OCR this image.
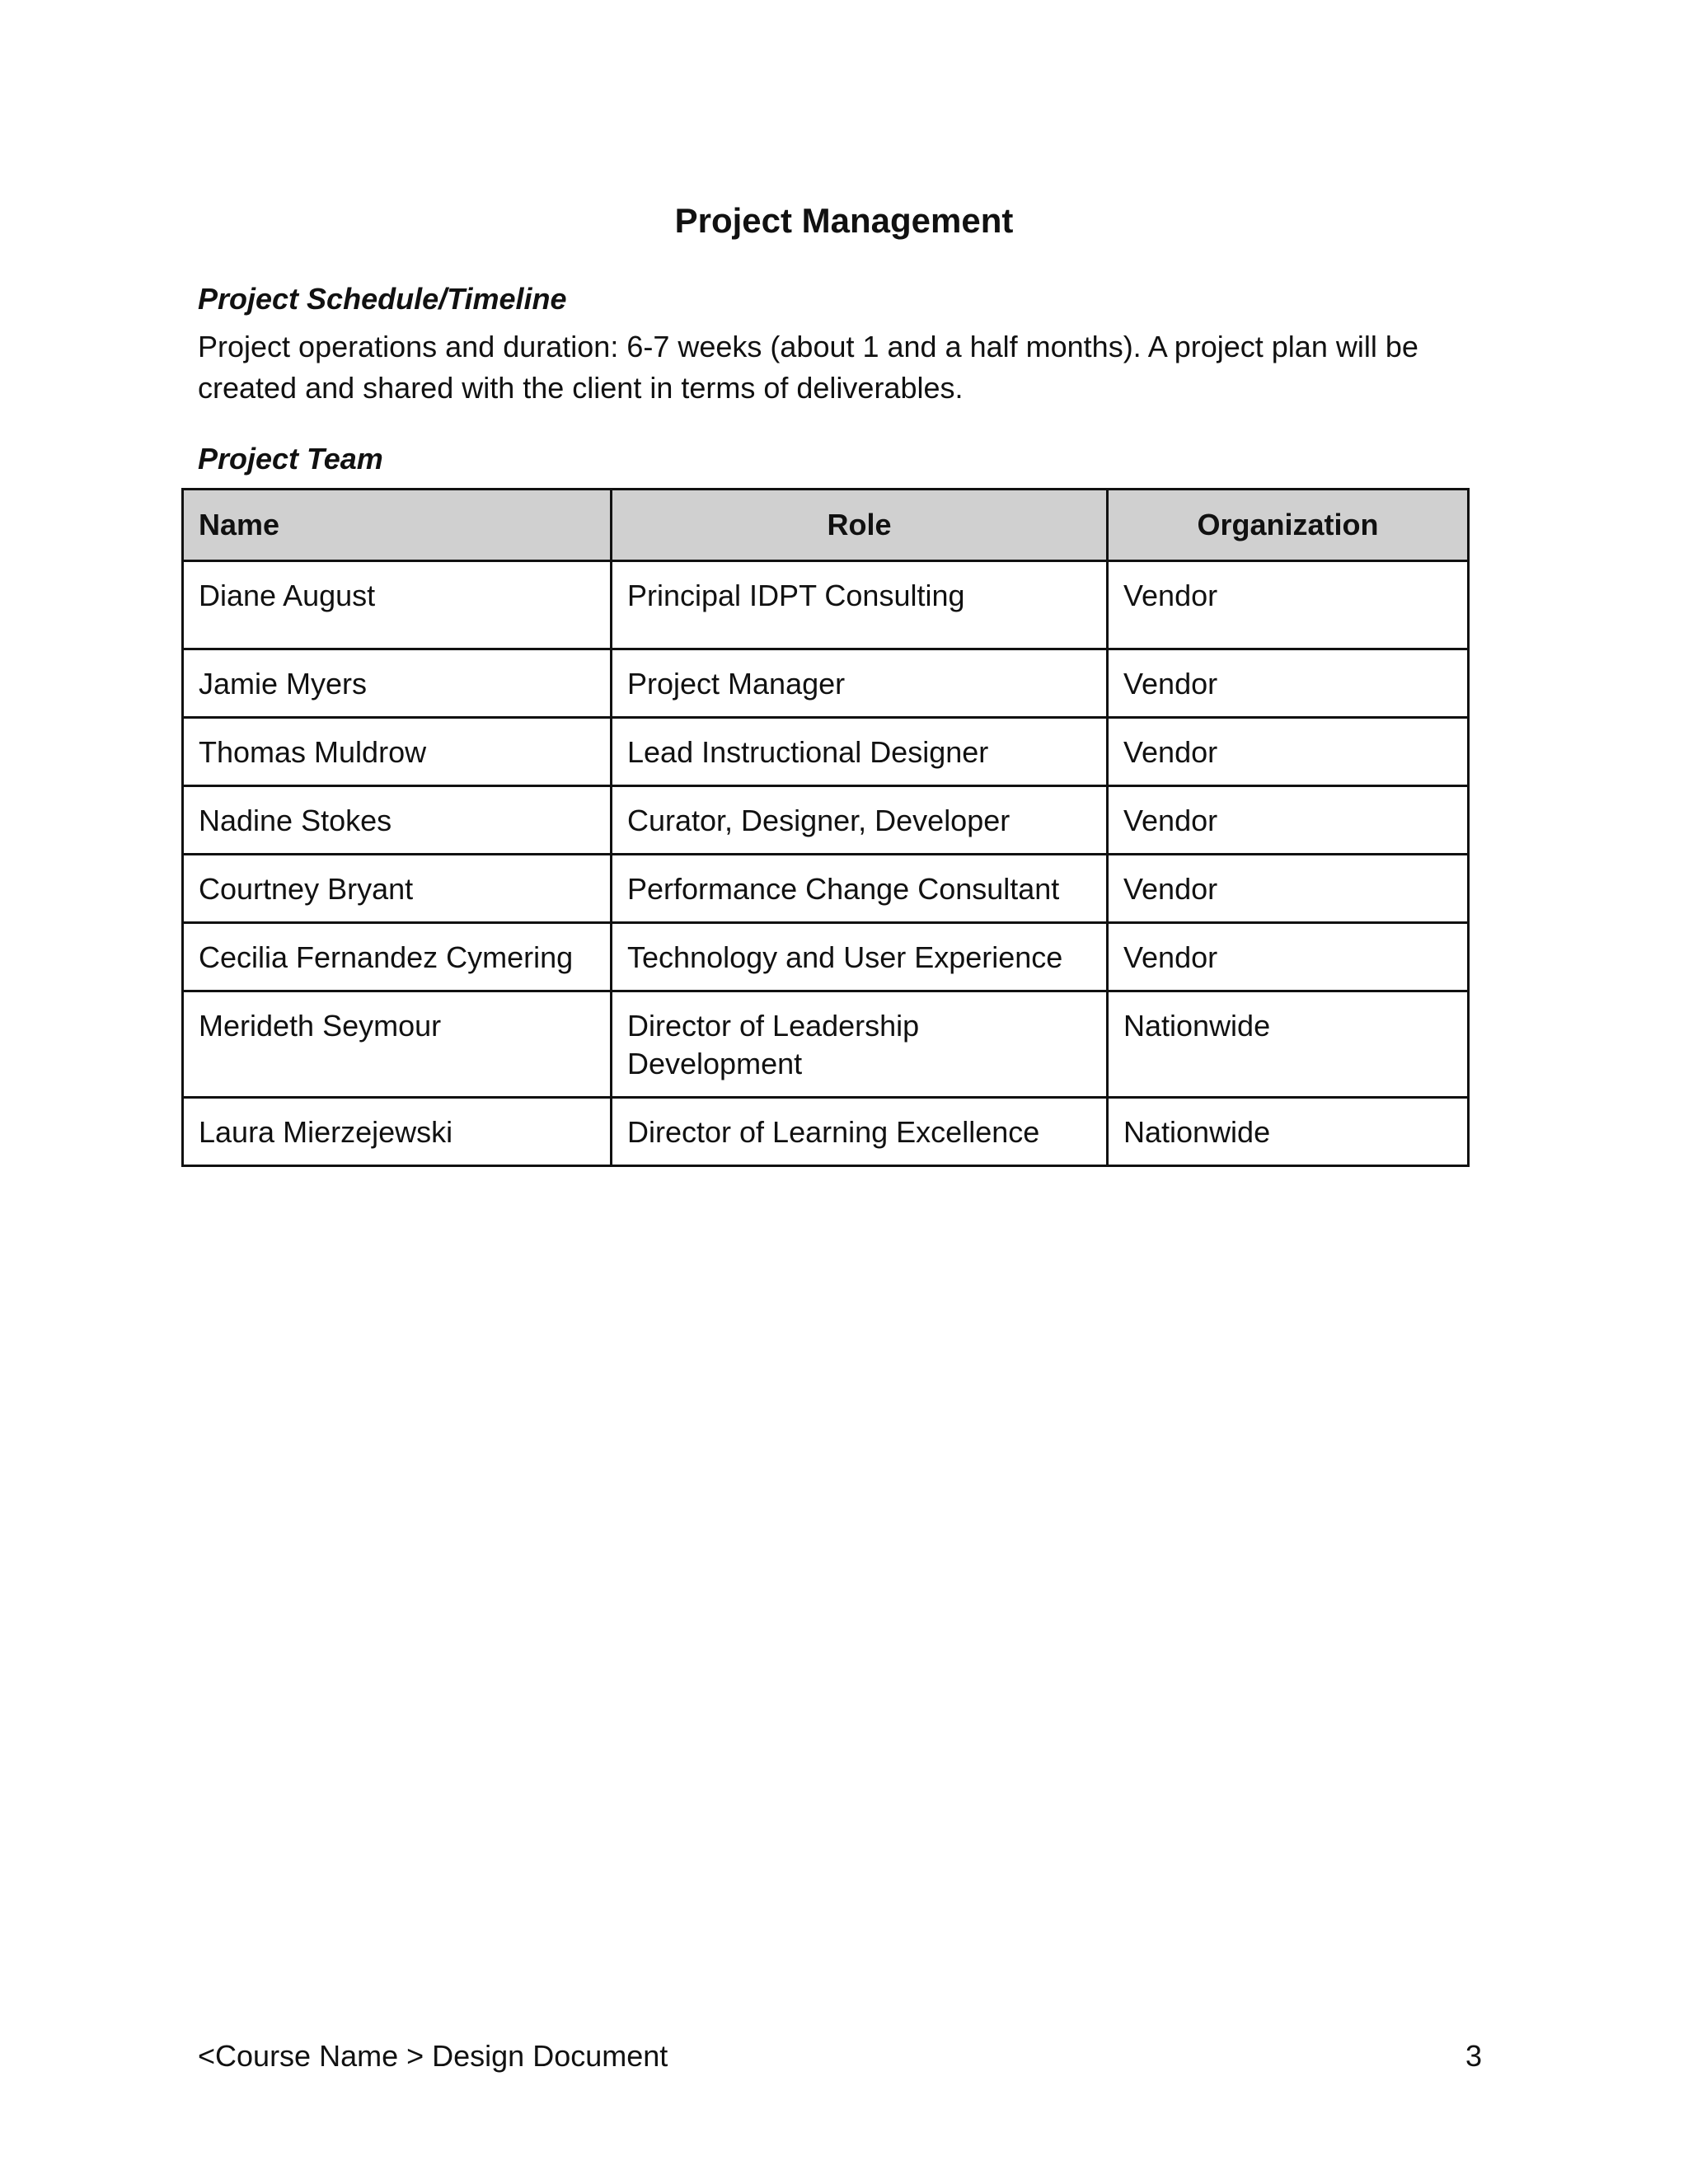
Project Management
Project Schedule/Timeline

Project operations and duration: 6-7 weeks (about 1 and a half months). A project plan will be created and shared with the client in terms of deliverables.

Project Team
Name	Role	Organization
Diane August	Principal IDPT Consulting	Vendor
Jamie Myers	Project Manager	Vendor
Thomas Muldrow	Lead Instructional Designer	Vendor
Nadine Stokes	Curator, Designer, Developer	Vendor
Courtney Bryant	Performance Change Consultant	Vendor
Cecilia Fernandez Cymering	Technology and User Experience	Vendor
Merideth Seymour	Director of Leadership Development	Nationwide
Laura Mierzejewski	Director of Learning Excellence	Nationwide
<Course Name > Design Document	3
